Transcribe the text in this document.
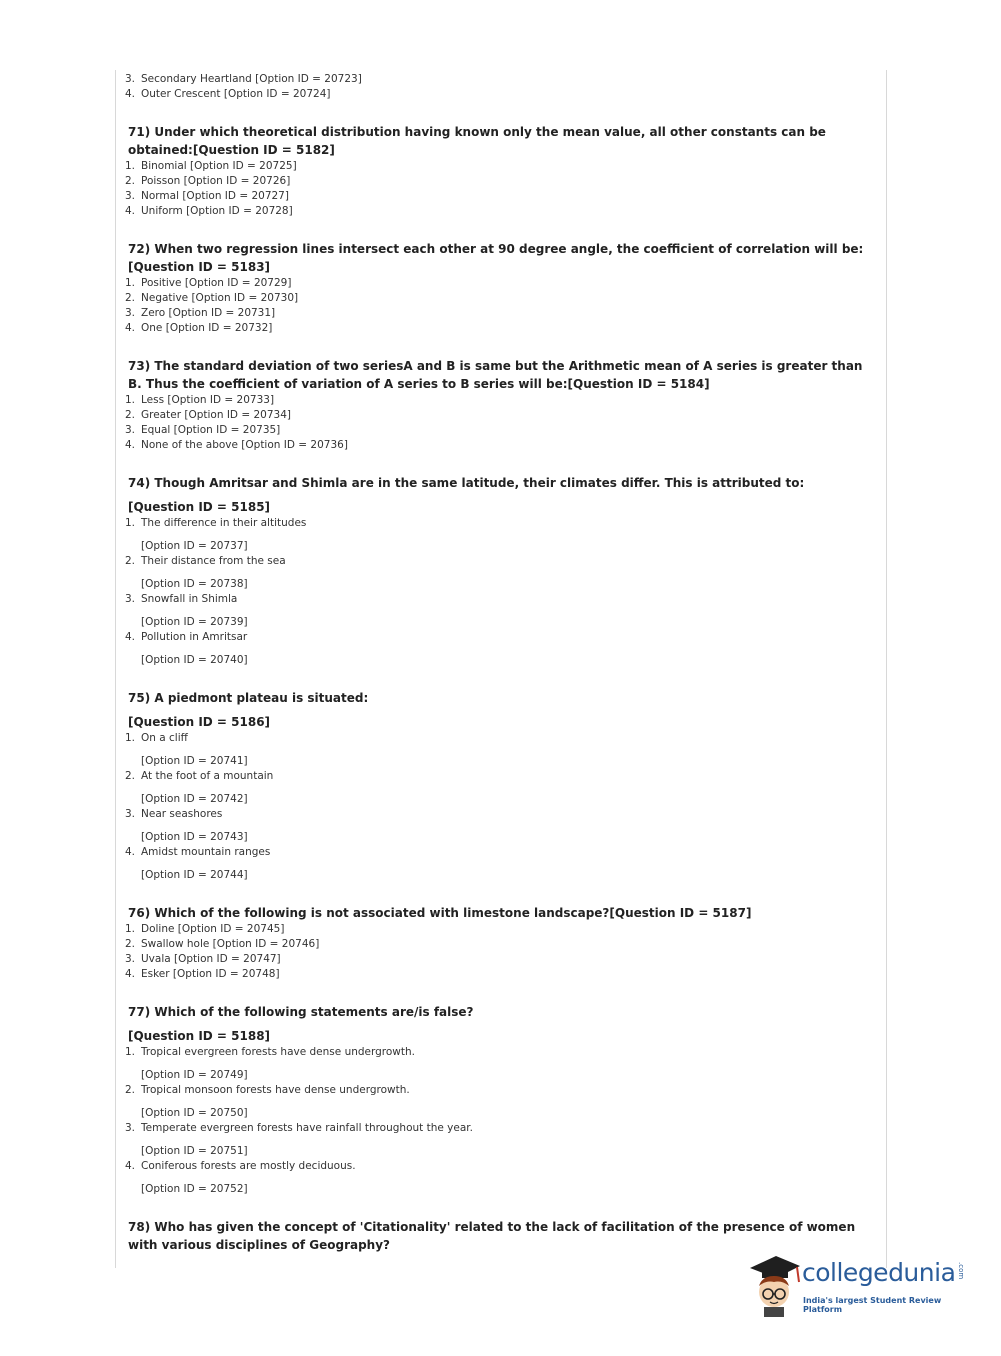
3. Secondary Heartland [Option ID = 20723]
4. Outer Crescent [Option ID = 20724]

71) Under which theoretical distribution having known only the mean value, all other constants can be obtained:[Question ID = 5182]

1. Binomial [Option ID = 20725]
2. Poisson [Option ID = 20726]
3. Normal [Option ID = 20727]
4. Uniform [Option ID = 20728]

72) When two regression lines intersect each other at 90 degree angle, the coefficient of correlation will be:[Question ID = 5183]

1. Positive [Option ID = 20729]
2. Negative [Option ID = 20730]
3. Zero [Option ID = 20731]
4. One [Option ID = 20732]

73) The standard deviation of two seriesA and B is same but the Arithmetic mean of A series is greater than B. Thus the coefficient of variation of A series to B series will be:[Question ID = 5184]

1. Less [Option ID = 20733]
2. Greater [Option ID = 20734]
3. Equal [Option ID = 20735]
4. None of the above [Option ID = 20736]

74) Though Amritsar and Shimla are in the same latitude, their climates differ. This is attributed to:

[Question ID = 5185]

1. The difference in their altitudes
[Option ID = 20737]
2. Their distance from the sea
[Option ID = 20738]
3. Snowfall in Shimla
[Option ID = 20739]
4. Pollution in Amritsar
[Option ID = 20740]

75) A piedmont plateau is situated:

[Question ID = 5186]

1. On a cliff
[Option ID = 20741]
2. At the foot of a mountain
[Option ID = 20742]
3. Near seashores
[Option ID = 20743]
4. Amidst mountain ranges
[Option ID = 20744]

76) Which of the following is not associated with limestone landscape?[Question ID = 5187]

1. Doline [Option ID = 20745]
2. Swallow hole [Option ID = 20746]
3. Uvala [Option ID = 20747]
4. Esker [Option ID = 20748]

77) Which of the following statements are/is false?

[Question ID = 5188]

1. Tropical evergreen forests have dense undergrowth.
[Option ID = 20749]
2. Tropical monsoon forests have dense undergrowth.
[Option ID = 20750]
3. Temperate evergreen forests have rainfall throughout the year.
[Option ID = 20751]
4. Coniferous forests are mostly deciduous.
[Option ID = 20752]

78) Who has given the concept of 'Citationality' related to the lack of facilitation of the presence of women with various disciplines of Geography?

collegedunia .com
India's largest Student Review Platform
